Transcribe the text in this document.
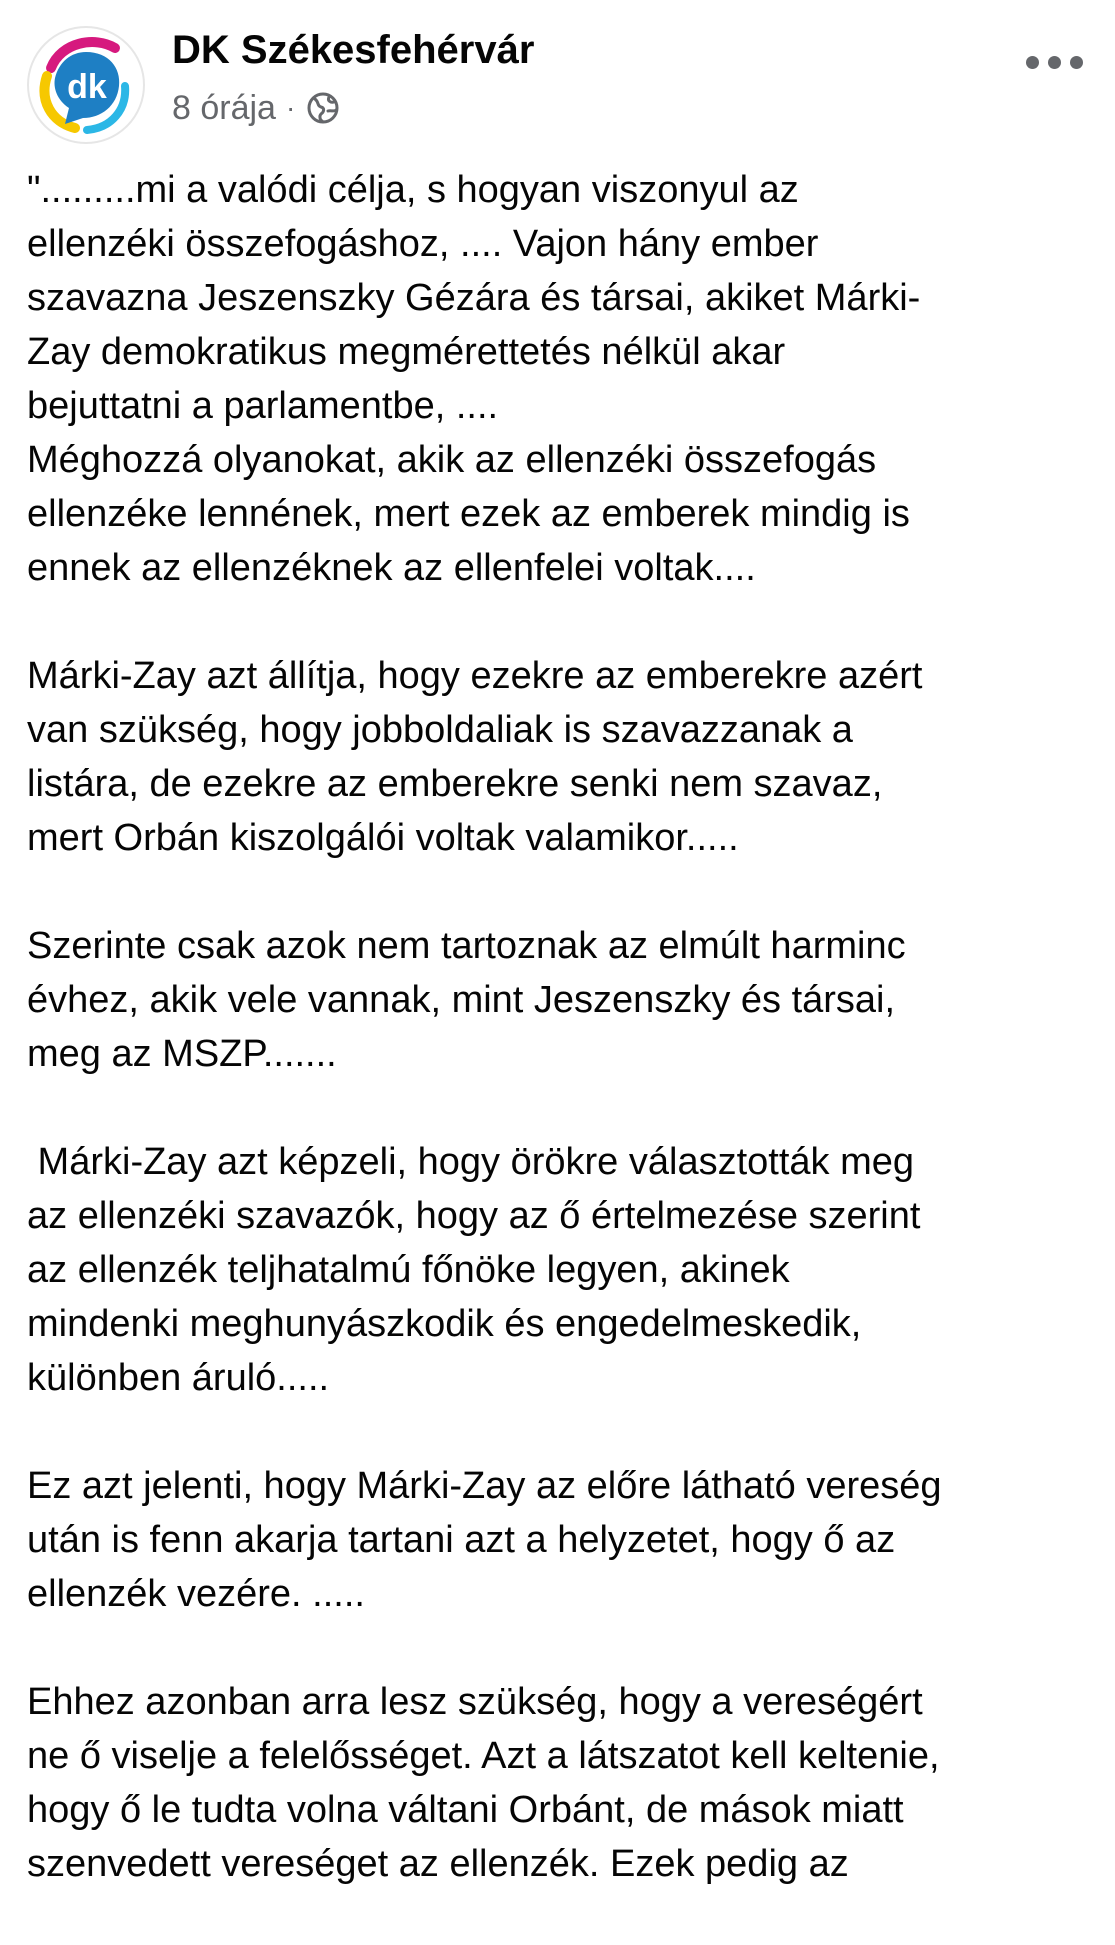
dk
DK Székesfehérvár
8 órája ·

".........mi a valódi célja, s hogyan viszonyul az
ellenzéki összefogáshoz, .... Vajon hány ember
szavazna Jeszenszky Gézára és társai, akiket Márki-
Zay demokratikus megmérettetés nélkül akar
bejuttatni a parlamentbe, ....
Méghozzá olyanokat, akik az ellenzéki összefogás
ellenzéke lennének, mert ezek az emberek mindig is
ennek az ellenzéknek az ellenfelei voltak....

Márki-Zay azt állítja, hogy ezekre az emberekre azért
van szükség, hogy jobboldaliak is szavazzanak a
listára, de ezekre az emberekre senki nem szavaz,
mert Orbán kiszolgálói voltak valamikor.....

Szerinte csak azok nem tartoznak az elmúlt harminc
évhez, akik vele vannak, mint Jeszenszky és társai,
meg az MSZP.......

Márki-Zay azt képzeli, hogy örökre választották meg
az ellenzéki szavazók, hogy az ő értelmezése szerint
az ellenzék teljhatalmú főnöke legyen, akinek
mindenki meghunyászkodik és engedelmeskedik,
különben áruló.....

Ez azt jelenti, hogy Márki-Zay az előre látható vereség
után is fenn akarja tartani azt a helyzetet, hogy ő az
ellenzék vezére. .....

Ehhez azonban arra lesz szükség, hogy a vereségért
ne ő viselje a felelősséget. Azt a látszatot kell keltenie,
hogy ő le tudta volna váltani Orbánt, de mások miatt
szenvedett vereséget az ellenzék. Ezek pedig az
